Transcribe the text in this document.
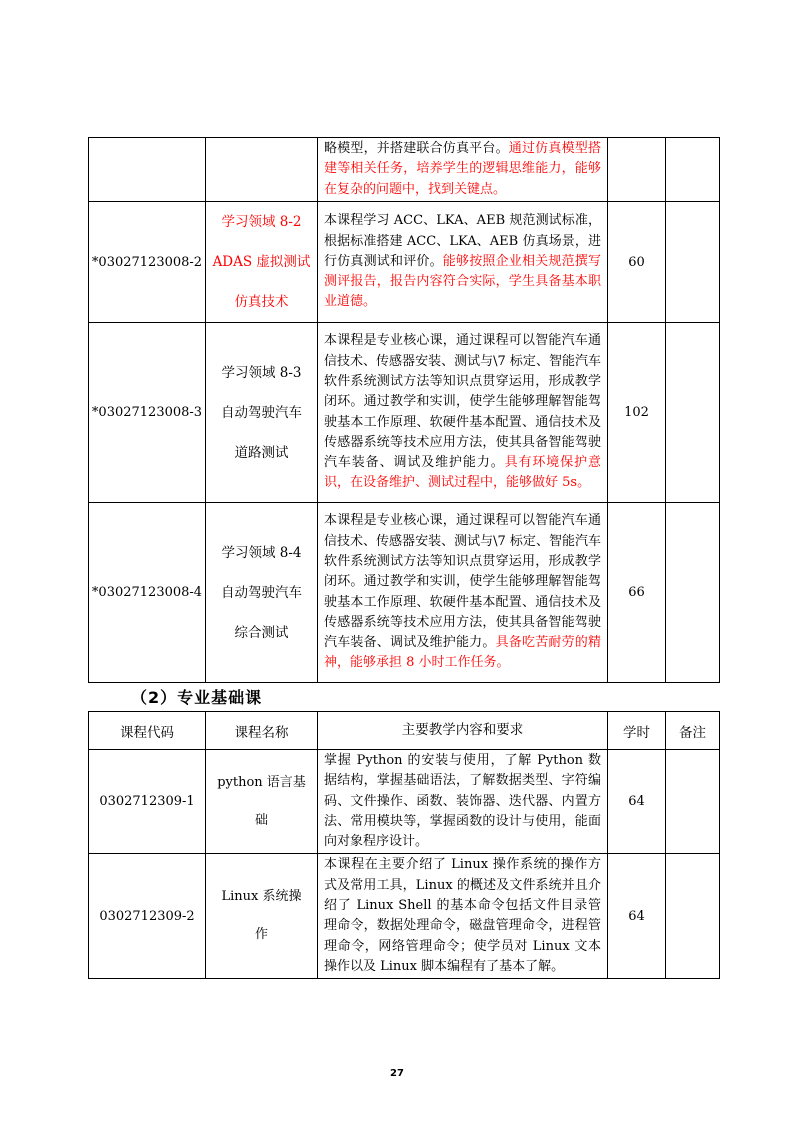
		略模型，并搭建联合仿真平台。通过仿真模型搭建等相关任务，培养学生的逻辑思维能力，能够在复杂的问题中，找到关键点。		
*03027123008-2	学习领域 8-2
ADAS 虚拟测试
仿真技术	本课程学习 ACC、LKA、AEB 规范测试标准，根据标准搭建 ACC、LKA、AEB 仿真场景，进行仿真测试和评价。能够按照企业相关规范撰写测评报告，报告内容符合实际，学生具备基本职业道德。	60	
*03027123008-3	学习领域 8-3
自动驾驶汽车
道路测试	本课程是专业核心课，通过课程可以智能汽车通信技术、传感器安装、测试与\7 标定、智能汽车软件系统测试方法等知识点贯穿运用，形成教学闭环。通过教学和实训，使学生能够理解智能驾驶基本工作原理、软硬件基本配置、通信技术及传感器系统等技术应用方法，使其具备智能驾驶汽车装备、调试及维护能力。具有环境保护意识，在设备维护、测试过程中，能够做好 5s。	102	
*03027123008-4	学习领域 8-4
自动驾驶汽车
综合测试	本课程是专业核心课，通过课程可以智能汽车通信技术、传感器安装、测试与\7 标定、智能汽车软件系统测试方法等知识点贯穿运用，形成教学闭环。通过教学和实训，使学生能够理解智能驾驶基本工作原理、软硬件基本配置、通信技术及传感器系统等技术应用方法，使其具备智能驾驶汽车装备、调试及维护能力。具备吃苦耐劳的精神，能够承担 8 小时工作任务。	66	
（2）专业基础课
课程代码	课程名称	主要教学内容和要求	学时	备注
0302712309-1	python 语言基
础	掌握 Python 的安装与使用，了解 Python 数据结构，掌握基础语法，了解数据类型、字符编码、文件操作、函数、装饰器、迭代器、内置方法、常用模块等，掌握函数的设计与使用，能面向对象程序设计。	64	
0302712309-2	Linux 系统操
作	本课程在主要介绍了 Linux 操作系统的操作方式及常用工具，Linux 的概述及文件系统并且介绍了 Linux Shell 的基本命令包括文件目录管理命令，数据处理命令，磁盘管理命令，进程管理命令，网络管理命令；使学员对 Linux 文本操作以及 Linux 脚本编程有了基本了解。	64	
27
